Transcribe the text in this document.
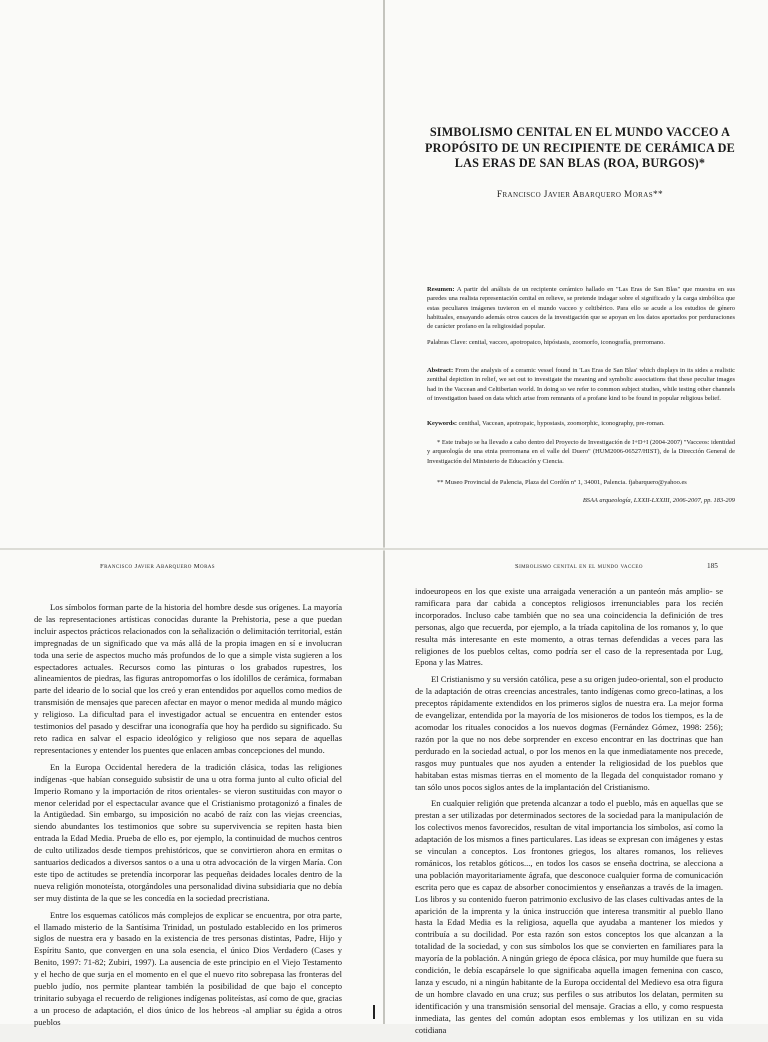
SIMBOLISMO CENITAL EN EL MUNDO VACCEO A PROPÓSITO DE UN RECIPIENTE DE CERÁMICA DE LAS ERAS DE SAN BLAS (ROA, BURGOS)*
Francisco Javier Abarquero Moras**
Resumen: A partir del análisis de un recipiente cerámico hallado en "Las Eras de San Blas" que muestra en sus paredes una realista representación cenital en relieve, se pretende indagar sobre el significado y la carga simbólica que estas peculiares imágenes tuvieron en el mundo vacceo y celtibérico. Para ello se acude a los estudios de género habituales, ensayando además otros cauces de la investigación que se apoyan en los datos aportados por perduraciones de carácter profano en la religiosidad popular.
Palabras Clave: cenital, vacceo, apotropaico, hipóstasis, zoomorfo, iconografía, prerromano.
Abstract: From the analysis of a ceramic vessel found in 'Las Eras de San Blas' which displays in its sides a realistic zenithal depiction in relief, we set out to investigate the meaning and symbolic associations that these peculiar images had in the Vaccean and Celtiberian world. In doing so we refer to common subject studies, while testing other channels of investigation based on data which arise from remnants of a profane kind to be found in popular religious belief.
Keywords: cenithal, Vaccean, apotropaic, hypostasis, zoomorphic, iconography, pre-roman.
* Este trabajo se ha llevado a cabo dentro del Proyecto de Investigación de I+D+I (2004-2007) "Vacceos: identidad y arqueología de una etnia prerromana en el valle del Duero" (HUM2006-06527/HIST), de la Dirección General de Investigación del Ministerio de Educación y Ciencia.
** Museo Provincial de Palencia, Plaza del Cordón nº 1, 34001, Palencia. fjabarquero@yahoo.es
BSAA arqueología, LXXII-LXXIII, 2006-2007, pp. 183-209
Francisco Javier Abarquero Moras

Los símbolos forman parte de la historia del hombre desde sus orígenes. La mayoría de las representaciones artísticas conocidas durante la Prehistoria, pese a que puedan incluir aspectos prácticos relacionados con la señalización o delimitación territorial, están impregnadas de un significado que va más allá de la propia imagen en sí e involucran toda una serie de aspectos mucho más profundos de lo que a simple vista sugieren a los espectadores actuales. Recursos como las pinturas o los grabados rupestres, los alineamientos de piedras, las figuras antropomorfas o los ídolillos de cerámica, formaban parte del ideario de lo social que los creó y eran entendidos por aquellos como medios de transmisión de mensajes que parecen afectar en mayor o menor medida al mundo mágico y religioso. La dificultad para el investigador actual se encuentra en entender estos testimonios del pasado y descifrar una iconografía que hoy ha perdido su significado. Su reto radica en salvar el espacio ideológico y religioso que nos separa de aquellas representaciones y entender los puentes que enlacen ambas concepciones del mundo.

En la Europa Occidental heredera de la tradición clásica, todas las religiones indígenas -que habían conseguido subsistir de una u otra forma junto al culto oficial del Imperio Romano y la importación de ritos orientales- se vieron sustituidas con mayor o menor celeridad por el espectacular avance que el Cristianismo protagonizó a finales de la Antigüedad. Sin embargo, su imposición no acabó de raíz con las viejas creencias, siendo abundantes los testimonios que sobre su supervivencia se repiten hasta bien entrada la Edad Media. Prueba de ello es, por ejemplo, la continuidad de muchos centros de culto utilizados desde tiempos prehistóricos, que se convirtieron ahora en ermitas o santuarios dedicados a diversos santos o a una u otra advocación de la virgen María. Con este tipo de actitudes se pretendía incorporar las pequeñas deidades locales dentro de la nueva religión monoteísta, otorgándoles una personalidad divina subsidiaria que no debía ser muy distinta de la que se les concedía en la sociedad precristiana.

Entre los esquemas católicos más complejos de explicar se encuentra, por otra parte, el llamado misterio de la Santísima Trinidad, un postulado establecido en los primeros siglos de nuestra era y basado en la existencia de tres personas distintas, Padre, Hijo y Espíritu Santo, que convergen en una sola esencia, el único Dios Verdadero (Cases y Benito, 1997: 71-82; Zubiri, 1997). La ausencia de este principio en el Viejo Testamento y el hecho de que surja en el momento en el que el nuevo rito sobrepasa las fronteras del pueblo judío, nos permite plantear también la posibilidad de que bajo el concepto trinitario subyaga el recuerdo de religiones indígenas politeístas, así como de que, gracias a un proceso de adaptación, el dios único de los hebreos -al ampliar su égida a otros pueblos

Simbolismo cenital en el mundo vacceo	185

indoeuropeos en los que existe una arraigada veneración a un panteón más amplio- se ramificara para dar cabida a conceptos religiosos irrenunciables para los recién incorporados. Incluso cabe también que no sea una coincidencia la definición de tres personas, algo que recuerda, por ejemplo, a la tríada capitolina de los romanos y, lo que resulta más interesante en este momento, a otras ternas defendidas a veces para las religiones de los pueblos celtas, como podría ser el caso de la representada por Lug, Epona y las Matres.

El Cristianismo y su versión católica, pese a su origen judeo-oriental, son el producto de la adaptación de otras creencias ancestrales, tanto indígenas como greco-latinas, a los preceptos rápidamente extendidos en los primeros siglos de nuestra era. La mejor forma de evangelizar, entendida por la mayoría de los misioneros de todos los tiempos, es la de acomodar los rituales conocidos a los nuevos dogmas (Fernández Gómez, 1998: 256); razón por la que no nos debe sorprender en exceso encontrar en las doctrinas que han perdurado en la sociedad actual, o por los menos en la que inmediatamente nos precede, rasgos muy puntuales que nos ayuden a entender la religiosidad de los pueblos que habitaban estas mismas tierras en el momento de la llegada del conquistador romano y tan sólo unos pocos siglos antes de la implantación del Cristianismo.

En cualquier religión que pretenda alcanzar a todo el pueblo, más en aquellas que se prestan a ser utilizadas por determinados sectores de la sociedad para la manipulación de los colectivos menos favorecidos, resultan de vital importancia los símbolos, así como la adaptación de los mismos a fines particulares. Las ideas se expresan con imágenes y estas se vinculan a conceptos. Los frontones griegos, los altares romanos, los relieves románicos, los retablos góticos..., en todos los casos se enseña doctrina, se alecciona a una población mayoritariamente ágrafa, que desconoce cualquier forma de comunicación escrita pero que es capaz de absorber conocimientos y enseñanzas a través de la imagen. Los libros y su contenido fueron patrimonio exclusivo de las clases cultivadas antes de la aparición de la imprenta y la única instrucción que interesa transmitir al pueblo llano hasta la Edad Media es la religiosa, aquella que ayudaba a mantener los miedos y contribuía a su docilidad. Por esta razón son estos conceptos los que alcanzan a la totalidad de la sociedad, y con sus símbolos los que se convierten en familiares para la mayoría de la población. A ningún griego de época clásica, por muy humilde que fuera su condición, le debía escapársele lo que significaba aquella imagen femenina con casco, lanza y escudo, ni a ningún habitante de la Europa occidental del Medievo esa otra figura de un hombre clavado en una cruz; sus perfiles o sus atributos los delatan, permiten su identificación y una transmisión sensorial del mensaje. Gracias a ello, y como respuesta inmediata, las gentes del común adoptan esos emblemas y los utilizan en su vida cotidiana
